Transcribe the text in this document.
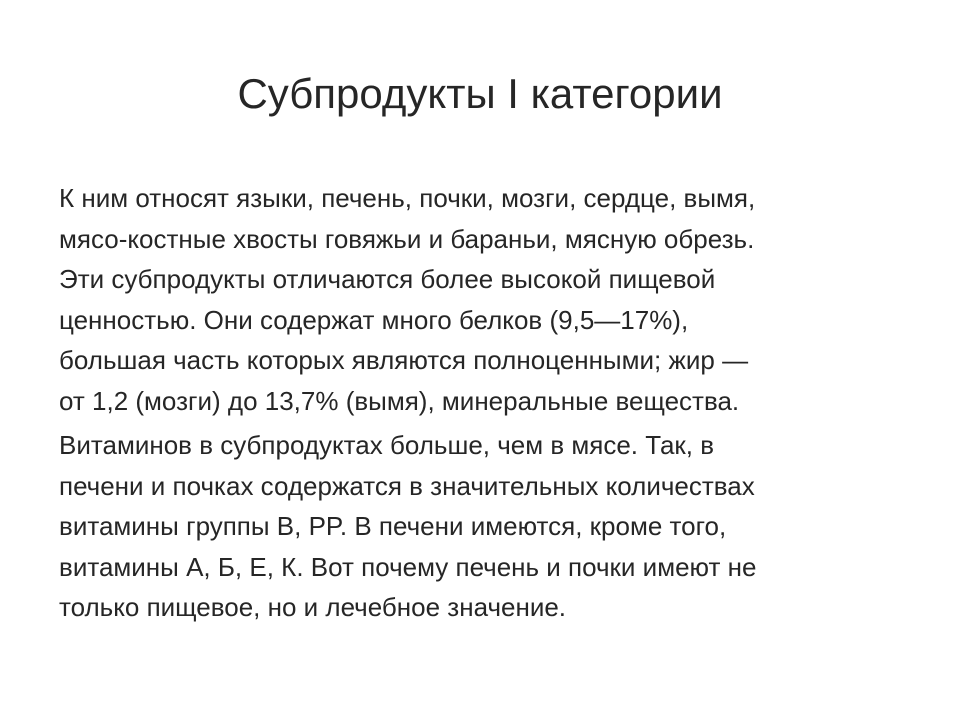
Субпродукты I категории

К ним относят языки, печень, почки, мозги, сердце, вымя,
мясо-костные хвосты говяжьи и бараньи, мясную обрезь.
Эти субпродукты отличаются более высокой пищевой
ценностью. Они содержат много белков (9,5—17%),
большая часть которых являются полноценными; жир —
от 1,2 (мозги) до 13,7% (вымя), минеральные вещества.

Витаминов в субпродуктах больше, чем в мясе. Так, в
печени и почках содержатся в значительных количествах
витамины группы В, PP. В печени имеются, кроме того,
витамины А, Б, Е, К. Вот почему печень и почки имеют не
только пищевое, но и лечебное значение.
